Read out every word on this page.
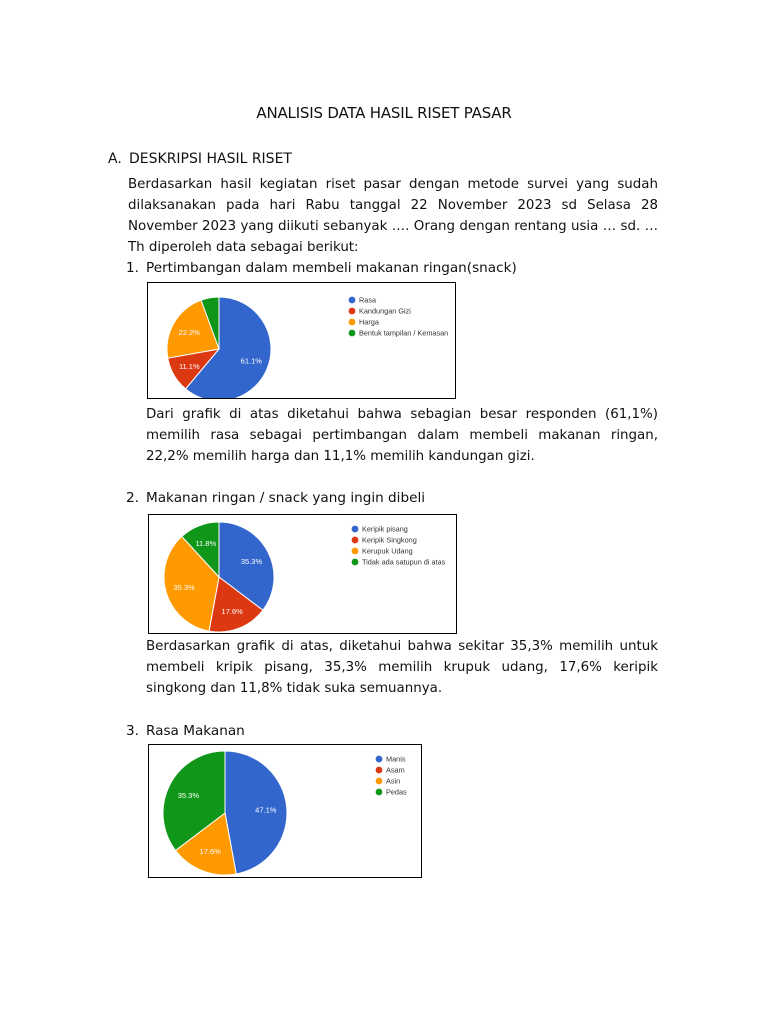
ANALISIS DATA HASIL RISET PASAR
A. DESKRIPSI HASIL RISET

Berdasarkan hasil kegiatan riset pasar dengan metode survei yang sudah dilaksanakan pada hari Rabu tanggal 22 November 2023 sd Selasa 28 November 2023 yang diikuti sebanyak …. Orang dengan rentang usia … sd. … Th diperoleh data sebagai berikut:

1. Pertimbangan dalam membeli makanan ringan(snack)
61.1%
11.1%
22.2%
Rasa
Kandungan Gizi
Harga
Bentuk tampilan / Kemasan

Dari grafik di atas diketahui bahwa sebagian besar responden (61,1%) memilih rasa sebagai pertimbangan dalam membeli makanan ringan, 22,2% memilih harga dan 11,1% memilih kandungan gizi.

2. Makanan ringan / snack yang ingin dibeli
35.3%
17.6%
35.3%
11.8%
Keripik pisang
Keripik Singkong
Kerupuk Udang
Tidak ada satupun di atas

Berdasarkan grafik di atas, diketahui bahwa sekitar 35,3% memilih untuk membeli kripik pisang, 35,3% memilih krupuk udang, 17,6% keripik singkong dan 11,8% tidak suka semuannya.

3. Rasa Makanan
47.1%
17.6%
35.3%
Manis
Asam
Asin
Pedas
